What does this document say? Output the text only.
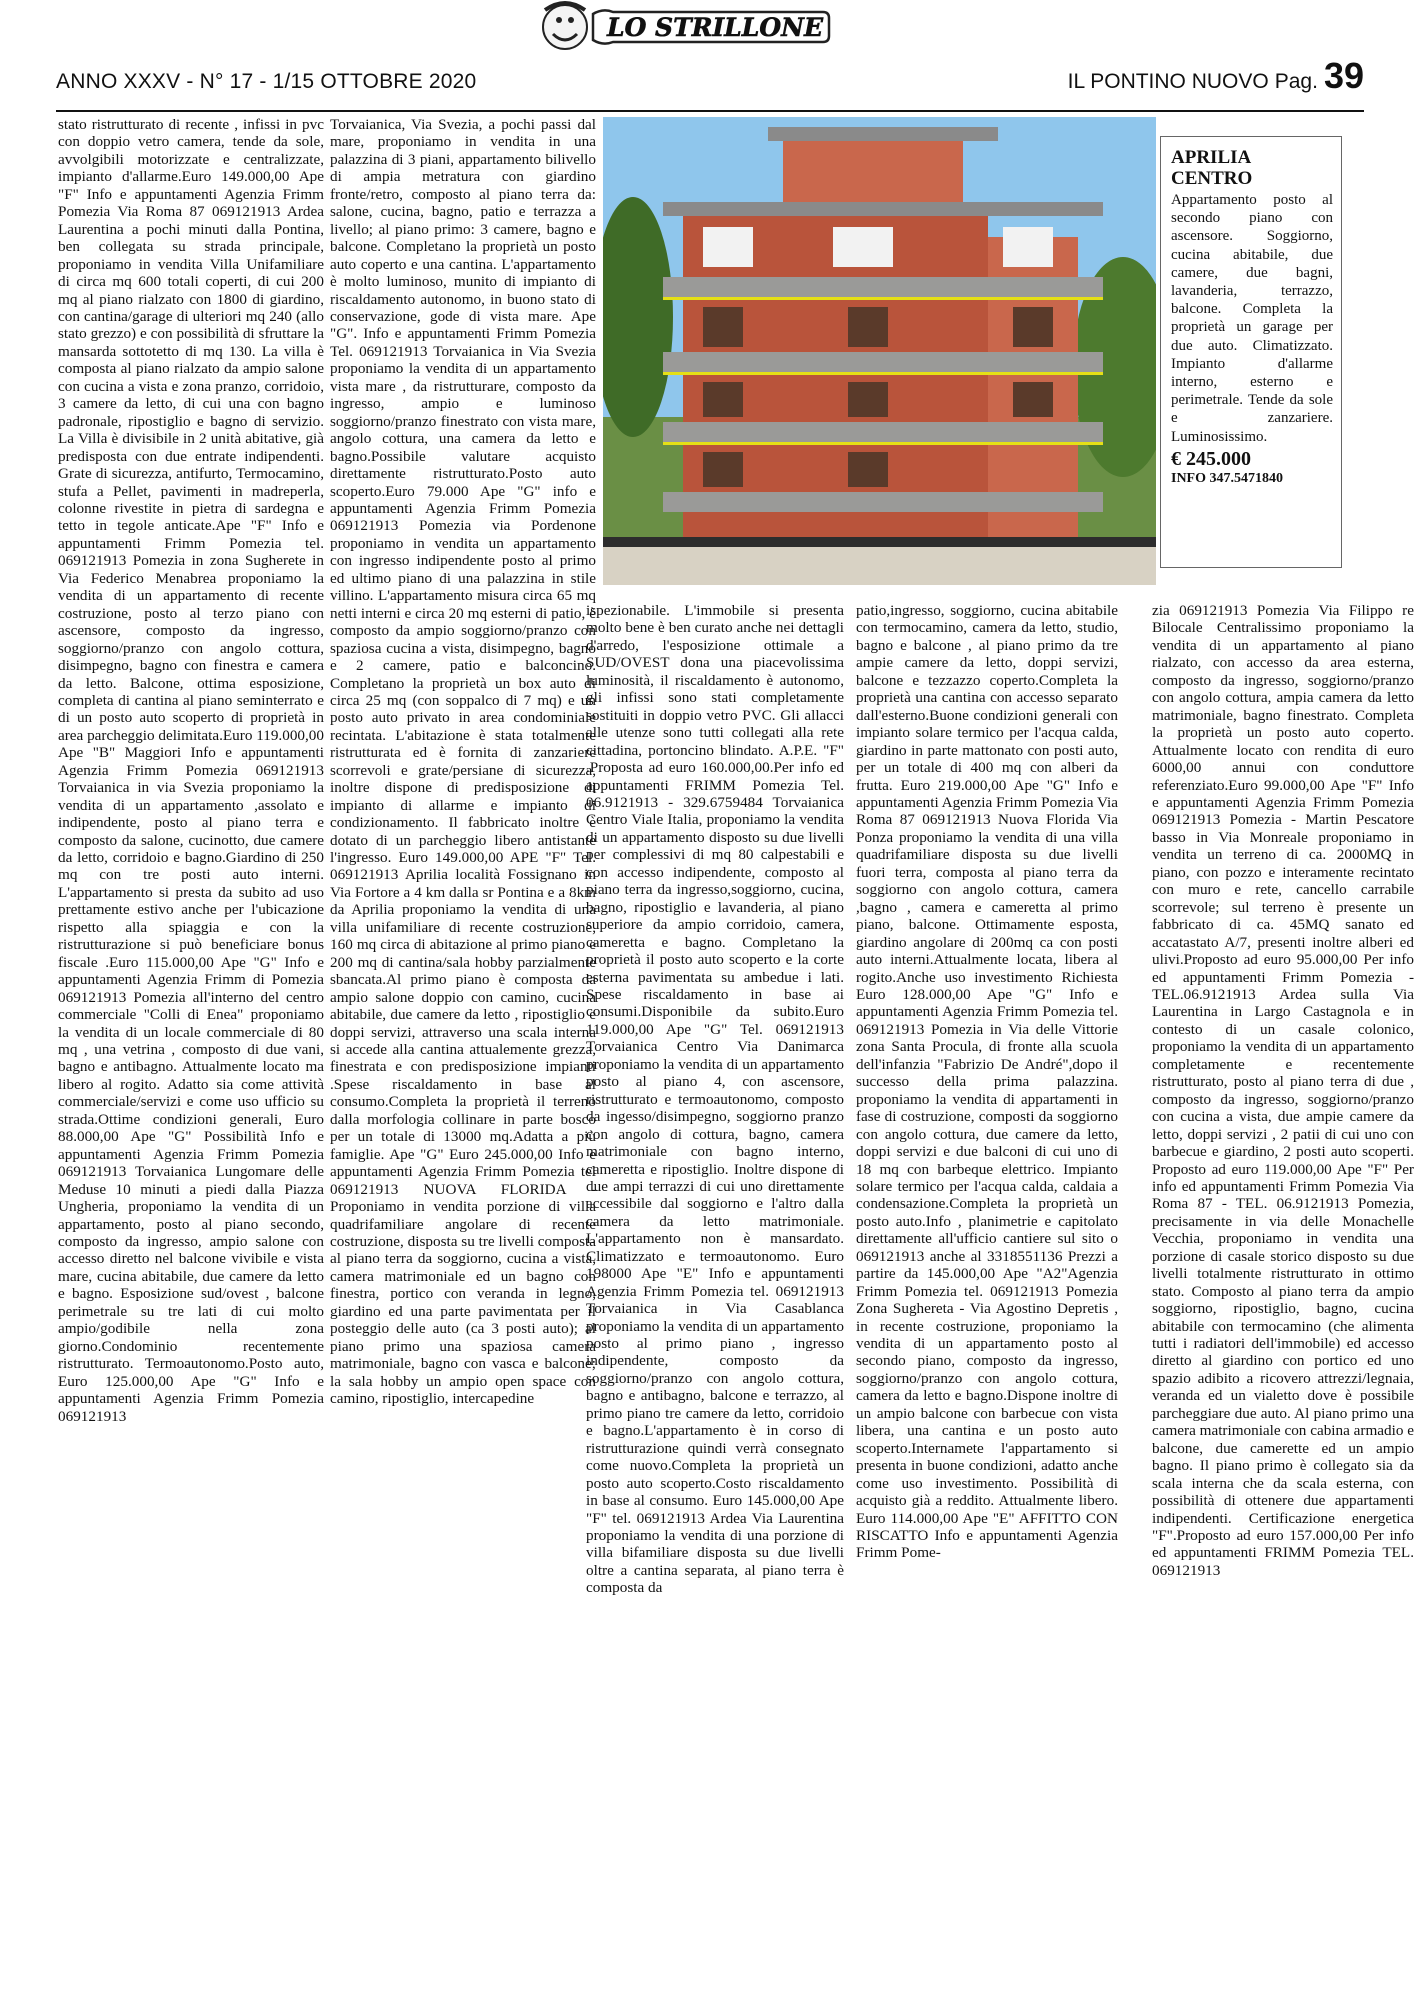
ANNO XXXV - N° 17 - 1/15 OTTOBRE 2020	IL PONTINO NUOVO Pag. 39
LO STRILLONE

stato ristrutturato di recente , infissi in pvc con doppio vetro camera, tende da sole, avvolgibili motorizzate e centralizzate, impianto d'allarme.Euro 149.000,00 Ape "F" Info e appuntamenti Agenzia Frimm Pomezia Via Roma 87 069121913 Ardea Laurentina a pochi minuti dalla Pontina, ben collegata su strada principale, proponiamo in vendita Villa Unifamiliare di circa mq 600 totali coperti, di cui 200 mq al piano rialzato con 1800 di giardino, con cantina/garage di ulteriori mq 240 (allo stato grezzo) e con possibilità di sfruttare la mansarda sottotetto di mq 130. La villa è composta al piano rialzato da ampio salone con cucina a vista e zona pranzo, corridoio, 3 camere da letto, di cui una con bagno padronale, ripostiglio e bagno di servizio. La Villa è divisibile in 2 unità abitative, già predisposta con due entrate indipendenti. Grate di sicurezza, antifurto, Termocamino, stufa a Pellet, pavimenti in madreperla, colonne rivestite in pietra di sardegna e tetto in tegole anticate.Ape "F" Info e appuntamenti Frimm Pomezia tel. 069121913 Pomezia in zona Sugherete in Via Federico Menabrea proponiamo la vendita di un appartamento di recente costruzione, posto al terzo piano con ascensore, composto da ingresso, soggiorno/pranzo con angolo cottura, disimpegno, bagno con finestra e camera da letto. Balcone, ottima esposizione, completa di cantina al piano seminterrato e di un posto auto scoperto di proprietà in area parcheggio delimitata.Euro 119.000,00 Ape "B" Maggiori Info e appuntamenti Agenzia Frimm Pomezia 069121913 Torvaianica in via Svezia proponiamo la vendita di un appartamento ,assolato e indipendente, posto al piano terra e composto da salone, cucinotto, due camere da letto, corridoio e bagno.Giardino di 250 mq con tre posti auto interni. L'appartamento si presta da subito ad uso prettamente estivo anche per l'ubicazione rispetto alla spiaggia e con la ristrutturazione si può beneficiare bonus fiscale .Euro 115.000,00 Ape "G" Info e appuntamenti Agenzia Frimm di Pomezia 069121913 Pomezia all'interno del centro commerciale "Colli di Enea" proponiamo la vendita di un locale commerciale di 80 mq , una vetrina , composto di due vani, bagno e antibagno. Attualmente locato ma libero al rogito. Adatto sia come attività commerciale/servizi e come uso ufficio su strada.Ottime condizioni generali, Euro 88.000,00 Ape "G" Possibilità Info e appuntamenti Agenzia Frimm Pomezia 069121913 Torvaianica Lungomare delle Meduse 10 minuti a piedi dalla Piazza Ungheria, proponiamo la vendita di un appartamento, posto al piano secondo, composto da ingresso, ampio salone con accesso diretto nel balcone vivibile e vista mare, cucina abitabile, due camere da letto e bagno. Esposizione sud/ovest , balcone perimetrale su tre lati di cui molto ampio/godibile nella zona giorno.Condominio recentemente ristrutturato. Termoautonomo.Posto auto, Euro 125.000,00 Ape "G" Info e appuntamenti Agenzia Frimm Pomezia 069121913

Torvaianica, Via Svezia, a pochi passi dal mare, proponiamo in vendita in una palazzina di 3 piani, appartamento bilivello di ampia metratura con giardino fronte/retro, composto al piano terra da: salone, cucina, bagno, patio e terrazza a livello; al piano primo: 3 camere, bagno e balcone. Completano la proprietà un posto auto coperto e una cantina. L'appartamento è molto luminoso, munito di impianto di riscaldamento autonomo, in buono stato di conservazione, gode di vista mare. Ape "G". Info e appuntamenti Frimm Pomezia Tel. 069121913 Torvaianica in Via Svezia proponiamo la vendita di un appartamento vista mare , da ristrutturare, composto da ingresso, ampio e luminoso soggiorno/pranzo finestrato con vista mare, angolo cottura, una camera da letto e bagno.Possibile valutare acquisto direttamente ristrutturato.Posto auto scoperto.Euro 79.000 Ape "G" info e appuntamenti Agenzia Frimm Pomezia 069121913 Pomezia via Pordenone proponiamo in vendita un appartamento con ingresso indipendente posto al primo ed ultimo piano di una palazzina in stile villino. L'appartamento misura circa 65 mq netti interni e circa 20 mq esterni di patio, è composto da ampio soggiorno/pranzo con spaziosa cucina a vista, disimpegno, bagno e 2 camere, patio e balconcino. Completano la proprietà un box auto di circa 25 mq (con soppalco di 7 mq) e un posto auto privato in area condominiale recintata. L'abitazione è stata totalmente ristrutturata ed è fornita di zanzariere scorrevoli e grate/persiane di sicurezza, inoltre dispone di predisposizione di impianto di allarme e impianto di condizionamento. Il fabbricato inoltre è dotato di un parcheggio libero antistante l'ingresso. Euro 149.000,00 APE "F" Tel. 069121913 Aprilia località Fossignano in Via Fortore a 4 km dalla sr Pontina e a 8km da Aprilia proponiamo la vendita di una villa unifamiliare di recente costruzione, 160 mq circa di abitazione al primo piano e 200 mq di cantina/sala hobby parzialmente sbancata.Al primo piano è composta da ampio salone doppio con camino, cucina abitabile, due camere da letto , ripostiglio e doppi servizi, attraverso una scala interna si accede alla cantina attualemente grezza, finestrata e con predisposizione impianti .Spese riscaldamento in base al consumo.Completa la proprietà il terreno dalla morfologia collinare in parte bosco per un totale di 13000 mq.Adatta a più famiglie. Ape "G" Euro 245.000,00 Info e appuntamenti Agenzia Frimm Pomezia tel 069121913 NUOVA FLORIDA - Proponiamo in vendita porzione di villa quadrifamiliare angolare di recente costruzione, disposta su tre livelli composta al piano terra da soggiorno, cucina a vista, camera matrimoniale ed un bagno con finestra, portico con veranda in legno, giardino ed una parte pavimentata per il posteggio delle auto (ca 3 posti auto); al piano primo una spaziosa camera matrimoniale, bagno con vasca e balcone; la sala hobby un ampio open space con camino, ripostiglio, intercapedine

APRILIA CENTRO
Appartamento posto al secondo piano con ascensore. Soggiorno, cucina abitabile, due camere, due bagni, lavanderia, terrazzo, balcone. Completa la proprietà un garage per due auto. Climatizzato. Impianto d'allarme interno, esterno e perimetrale. Tende da sole e zanzariere. Luminosissimo.
€ 245.000
INFO 347.5471840

ispezionabile. L'immobile si presenta molto bene è ben curato anche nei dettagli d'arredo, l'esposizione ottimale a SUD/OVEST dona una piacevolissima luminosità, il riscaldamento è autonomo, gli infissi sono stati completamente sostituiti in doppio vetro PVC. Gli allacci alle utenze sono tutti collegati alla rete cittadina, portoncino blindato. A.P.E. "F" .Proposta ad euro 160.000,00.Per info ed appuntamenti FRIMM Pomezia Tel. 06.9121913 - 329.6759484 Torvaianica Centro Viale Italia, proponiamo la vendita di un appartamento disposto su due livelli per complessivi di mq 80 calpestabili e con accesso indipendente, composto al piano terra da ingresso,soggiorno, cucina, bagno, ripostiglio e lavanderia, al piano superiore da ampio corridoio, camera, cameretta e bagno. Completano la proprietà il posto auto scoperto e la corte esterna pavimentata su ambedue i lati. Spese riscaldamento in base ai consumi.Disponibile da subito.Euro 119.000,00 Ape "G" Tel. 069121913 Torvaianica Centro Via Danimarca proponiamo la vendita di un appartamento posto al piano 4, con ascensore, ristrutturato e termoautonomo, composto da ingesso/disimpegno, soggiorno pranzo con angolo di cottura, bagno, camera matrimoniale con bagno interno, cameretta e ripostiglio. Inoltre dispone di due ampi terrazzi di cui uno direttamente accessibile dal soggiorno e l'altro dalla camera da letto matrimoniale. L'appartamento non è mansardato. Climatizzato e termoautonomo. Euro 198000 Ape "E" Info e appuntamenti Agenzia Frimm Pomezia tel. 069121913 Torvaianica in Via Casablanca proponiamo la vendita di un appartamento posto al primo piano , ingresso indipendente, composto da soggiorno/pranzo con angolo cottura, bagno e antibagno, balcone e terrazzo, al primo piano tre camere da letto, corridoio e bagno.L'appartamento è in corso di ristrutturazione quindi verrà consegnato come nuovo.Completa la proprietà un posto auto scoperto.Costo riscaldamento in base al consumo. Euro 145.000,00 Ape "F" tel. 069121913 Ardea Via Laurentina proponiamo la vendita di una porzione di villa bifamiliare disposta su due livelli oltre a cantina separata, al piano terra è composta da

patio,ingresso, soggiorno, cucina abitabile con termocamino, camera da letto, studio, bagno e balcone , al piano primo da tre ampie camere da letto, doppi servizi, balcone e tezzazzo coperto.Completa la proprietà una cantina con accesso separato dall'esterno.Buone condizioni generali con impianto solare termico per l'acqua calda, giardino in parte mattonato con posti auto, per un totale di 400 mq con alberi da frutta. Euro 219.000,00 Ape "G" Info e appuntamenti Agenzia Frimm Pomezia Via Roma 87 069121913 Nuova Florida Via Ponza proponiamo la vendita di una villa quadrifamiliare disposta su due livelli fuori terra, composta al piano terra da soggiorno con angolo cottura, camera ,bagno , camera e cameretta al primo piano, balcone. Ottimamente esposta, giardino angolare di 200mq ca con posti auto interni.Attualmente locata, libera al rogito.Anche uso investimento Richiesta Euro 128.000,00 Ape "G" Info e appuntamenti Agenzia Frimm Pomezia tel. 069121913 Pomezia in Via delle Vittorie zona Santa Procula, di fronte alla scuola dell'infanzia "Fabrizio De André",dopo il successo della prima palazzina. proponiamo la vendita di appartamenti in fase di costruzione, composti da soggiorno con angolo cottura, due camere da letto, doppi servizi e due balconi di cui uno di 18 mq con barbeque elettrico. Impianto solare termico per l'acqua calda, caldaia a condensazione.Completa la proprietà un posto auto.Info , planimetrie e capitolato direttamente all'ufficio cantiere sul sito o 069121913 anche al 3318551136 Prezzi a partire da 145.000,00 Ape "A2"Agenzia Frimm Pomezia tel. 069121913 Pomezia Zona Sughereta - Via Agostino Depretis , in recente costruzione, proponiamo la vendita di un appartamento posto al secondo piano, composto da ingresso, soggiorno/pranzo con angolo cottura, camera da letto e bagno.Dispone inoltre di un ampio balcone con barbecue con vista libera, una cantina e un posto auto scoperto.Internamete l'appartamento si presenta in buone condizioni, adatto anche come uso investimento. Possibilità di acquisto già a reddito. Attualmente libero. Euro 114.000,00 Ape "E" AFFITTO CON RISCATTO Info e appuntamenti Agenzia Frimm Pome-

zia 069121913 Pomezia Via Filippo re Bilocale Centralissimo proponiamo la vendita di un appartamento al piano rialzato, con accesso da area esterna, composto da ingresso, soggiorno/pranzo con angolo cottura, ampia camera da letto matrimoniale, bagno finestrato. Completa la proprietà un posto auto coperto. Attualmente locato con rendita di euro 6000,00 annui con conduttore referenziato.Euro 99.000,00 Ape "F" Info e appuntamenti Agenzia Frimm Pomezia 069121913 Pomezia - Martin Pescatore basso in Via Monreale proponiamo in vendita un terreno di ca. 2000MQ in piano, con pozzo e interamente recintato con muro e rete, cancello carrabile scorrevole; sul terreno è presente un fabbricato di ca. 45MQ sanato ed accatastato A/7, presenti inoltre alberi ed ulivi.Proposto ad euro 95.000,00 Per info ed appuntamenti Frimm Pomezia - TEL.06.9121913 Ardea sulla Via Laurentina in Largo Castagnola e in contesto di un casale colonico, proponiamo la vendita di un appartamento completamente e recentemente ristrutturato, posto al piano terra di due , composto da ingresso, soggiorno/pranzo con cucina a vista, due ampie camere da letto, doppi servizi , 2 patii di cui uno con barbecue e giardino, 2 posti auto scoperti. Proposto ad euro 119.000,00 Ape "F" Per info ed appuntamenti Frimm Pomezia Via Roma 87 - TEL. 06.9121913 Pomezia, precisamente in via delle Monachelle Vecchia, proponiamo in vendita una porzione di casale storico disposto su due livelli totalmente ristrutturato in ottimo stato. Composto al piano terra da ampio soggiorno, ripostiglio, bagno, cucina abitabile con termocamino (che alimenta tutti i radiatori dell'immobile) ed accesso diretto al giardino con portico ed uno spazio adibito a ricovero attrezzi/legnaia, veranda ed un vialetto dove è possibile parcheggiare due auto. Al piano primo una camera matrimoniale con cabina armadio e balcone, due camerette ed un ampio bagno. Il piano primo è collegato sia da scala interna che da scala esterna, con possibilità di ottenere due appartamenti indipendenti. Certificazione energetica "F".Proposto ad euro 157.000,00 Per info ed appuntamenti FRIMM Pomezia TEL. 069121913
